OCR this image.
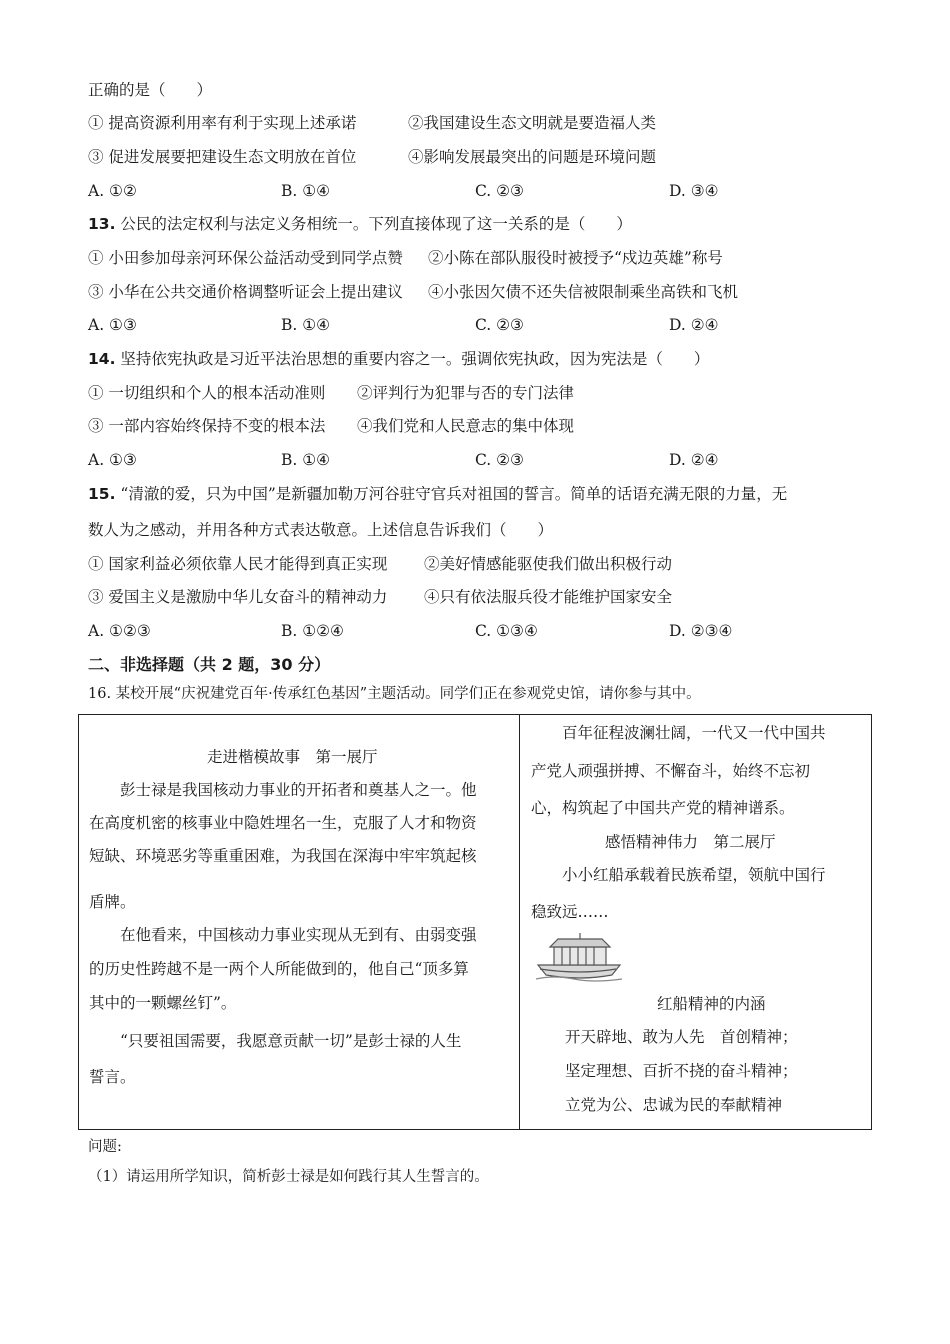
正确的是（　　）
① 提高资源利用率有利于实现上述承诺	②我国建设生态文明就是要造福人类
③ 促进发展要把建设生态文明放在首位	④影响发展最突出的问题是环境问题
A. ①②	B. ①④	C. ②③	D. ③④
13. 公民的法定权利与法定义务相统一。下列直接体现了这一关系的是（　　）
① 小田参加母亲河环保公益活动受到同学点赞 ②小陈在部队服役时被授予“戍边英雄”称号
③ 小华在公共交通价格调整听证会上提出建议 ④小张因欠债不还失信被限制乘坐高铁和飞机
A. ①③	B. ①④	C. ②③	D. ②④
14. 坚持依宪执政是习近平法治思想的重要内容之一。强调依宪执政，因为宪法是（　　）
① 一切组织和个人的根本活动准则 ②评判行为犯罪与否的专门法律
③ 一部内容始终保持不变的根本法 ④我们党和人民意志的集中体现
A. ①③	B. ①④	C. ②③	D. ②④
15. “清澈的爱，只为中国”是新疆加勒万河谷驻守官兵对祖国的誓言。简单的话语充满无限的力量，无
数人为之感动，并用各种方式表达敬意。上述信息告诉我们（　　）
① 国家利益必须依靠人民才能得到真正实现 ②美好情感能驱使我们做出积极行动
③ 爱国主义是激励中华儿女奋斗的精神动力 ④只有依法服兵役才能维护国家安全
A. ①②③	B. ①②④	C. ①③④	D. ②③④
二、非选择题（共 2 题，30 分）
16. 某校开展“庆祝建党百年·传承红色基因”主题活动。同学们正在参观党史馆，请你参与其中。
走进楷模故事　第一展厅
　　彭士禄是我国核动力事业的开拓者和奠基人之一。他
在高度机密的核事业中隐姓埋名一生，克服了人才和物资
短缺、环境恶劣等重重困难，为我国在深海中牢牢筑起核
盾牌。
　　在他看来，中国核动力事业实现从无到有、由弱变强
的历史性跨越不是一两个人所能做到的，他自己“顶多算
其中的一颗螺丝钉”。
　　“只要祖国需要，我愿意贡献一切”是彭士禄的人生
誓言。
　　百年征程波澜壮阔，一代又一代中国共
产党人顽强拼搏、不懈奋斗，始终不忘初
心，构筑起了中国共产党的精神谱系。
感悟精神伟力　第二展厅
　　小小红船承载着民族希望，领航中国行
稳致远……
红船精神的内涵
开天辟地、敢为人先　首创精神；
坚定理想、百折不挠的奋斗精神；
立党为公、忠诚为民的奉献精神
问题:
（1）请运用所学知识，简析彭士禄是如何践行其人生誓言的。
